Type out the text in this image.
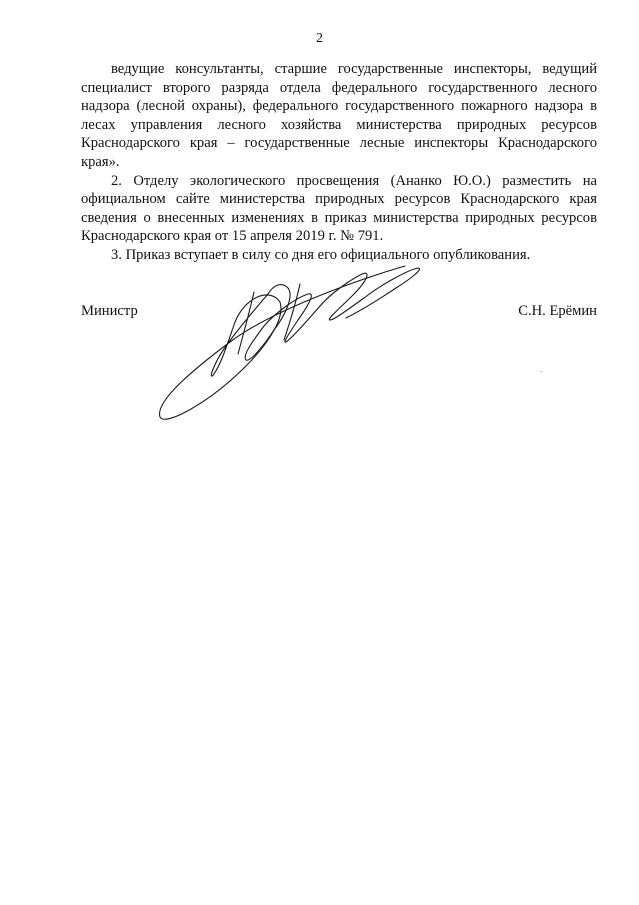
2

ведущие консультанты, старшие государственные инспекторы, ведущий специалист второго разряда отдела федерального государственного лесного надзора (лесной охраны), федерального государственного пожарного надзора в лесах управления лесного хозяйства министерства природных ресурсов Краснодарского края – государственные лесные инспекторы Краснодарского края».

2. Отделу экологического просвещения (Ананко Ю.О.) разместить на официальном сайте министерства природных ресурсов Краснодарского края сведения о внесенных изменениях в приказ министерства природных ресурсов Краснодарского края от 15 апреля 2019 г. № 791.

3. Приказ вступает в силу со дня его официального опубликования.

Министр	С.Н. Ерёмин
